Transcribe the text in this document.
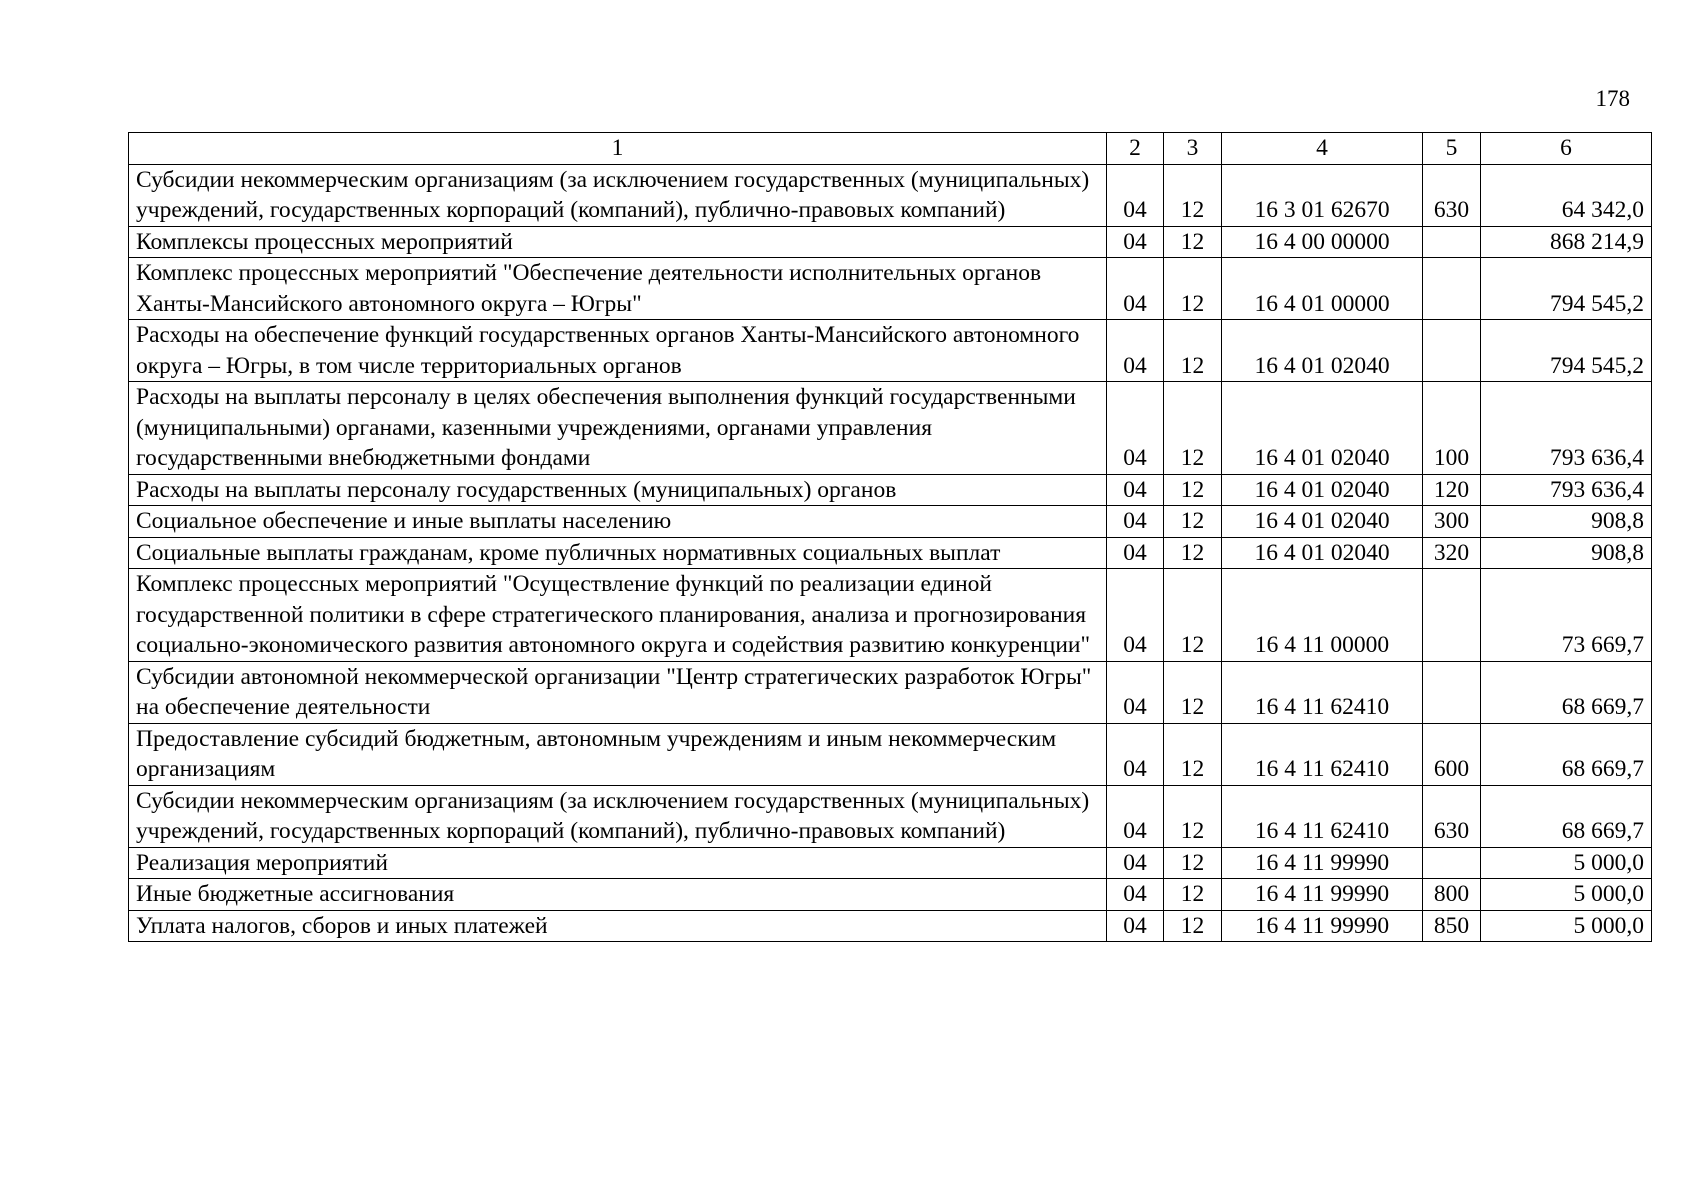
178
1	2	3	4	5	6
Субсидии некоммерческим организациям (за исключением государственных (муниципальных) учреждений, государственных корпораций (компаний), публично-правовых компаний)	04	12	16 3 01 62670	630	64 342,0
Комплексы процессных мероприятий	04	12	16 4 00 00000		868 214,9
Комплекс процессных мероприятий "Обеспечение деятельности исполнительных органов Ханты-Мансийского автономного округа – Югры"	04	12	16 4 01 00000		794 545,2
Расходы на обеспечение функций государственных органов Ханты-Мансийского автономного округа – Югры, в том числе территориальных органов	04	12	16 4 01 02040		794 545,2
Расходы на выплаты персоналу в целях обеспечения выполнения функций государственными (муниципальными) органами, казенными учреждениями, органами управления государственными внебюджетными фондами	04	12	16 4 01 02040	100	793 636,4
Расходы на выплаты персоналу государственных (муниципальных) органов	04	12	16 4 01 02040	120	793 636,4
Социальное обеспечение и иные выплаты населению	04	12	16 4 01 02040	300	908,8
Социальные выплаты гражданам, кроме публичных нормативных социальных выплат	04	12	16 4 01 02040	320	908,8
Комплекс процессных мероприятий "Осуществление функций по реализации единой государственной политики в сфере стратегического планирования, анализа и прогнозирования социально-экономического развития автономного округа и содействия развитию конкуренции"	04	12	16 4 11 00000		73 669,7
Субсидии автономной некоммерческой организации "Центр стратегических разработок Югры" на обеспечение деятельности	04	12	16 4 11 62410		68 669,7
Предоставление субсидий бюджетным, автономным учреждениям и иным некоммерческим организациям	04	12	16 4 11 62410	600	68 669,7
Субсидии некоммерческим организациям (за исключением государственных (муниципальных) учреждений, государственных корпораций (компаний), публично-правовых компаний)	04	12	16 4 11 62410	630	68 669,7
Реализация мероприятий	04	12	16 4 11 99990		5 000,0
Иные бюджетные ассигнования	04	12	16 4 11 99990	800	5 000,0
Уплата налогов, сборов и иных платежей	04	12	16 4 11 99990	850	5 000,0
